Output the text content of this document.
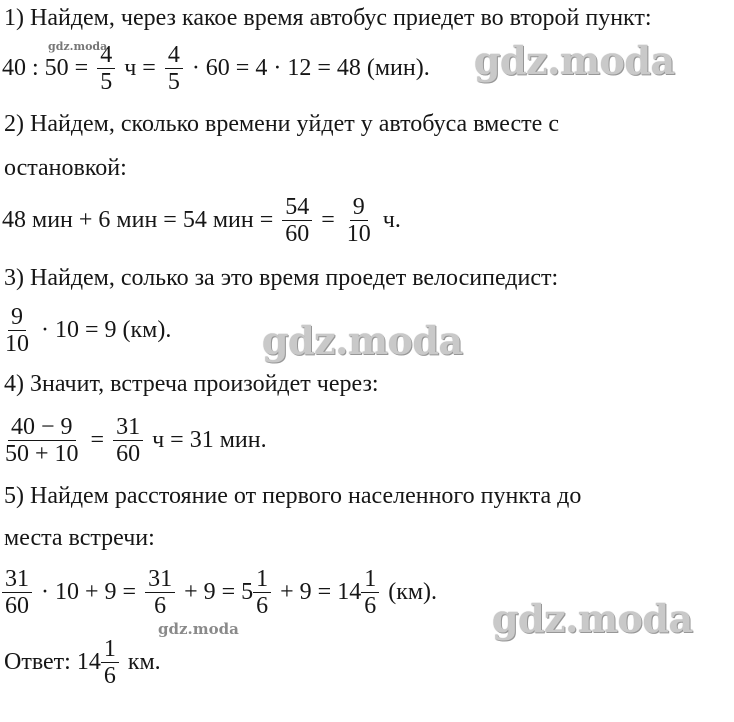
1) Найдем, через какое время автобус приедет во второй пункт:
40 : $50 = \frac{4}{5}$ $ч = \frac{4}{5} \cdot 60 = 4 \cdot 12 = 48$ (мин).
2) Найдем, сколько времени уйдет у автобуса вместе с
остановкой:
48 мин + 6 мин = 54 мин = $\frac{54}{60} = \frac{9}{10} ч$.
3) Найдем, солько за это время проедет велосипедист:
$\frac{9}{10} \cdot 10 = 9$ (км).
4) Значит, встреча произойдет через:
$\frac{40 - 9}{50 + 10} = \frac{31}{60}$ ч = 31 мин.
5) Найдем расстояние от первого населенного пункта до
места встречи:
$\frac{31}{60} \cdot 10 + 9 = \frac{31}{6} + 9 = 5 \frac{1}{6} + 9 = 14 \frac{1}{6} (км)$.
Ответ: $14 \frac{1}{6}$ км.
gdz.moda	gdz.moda
gdz.moda
gdz.moda
gdz.moda
